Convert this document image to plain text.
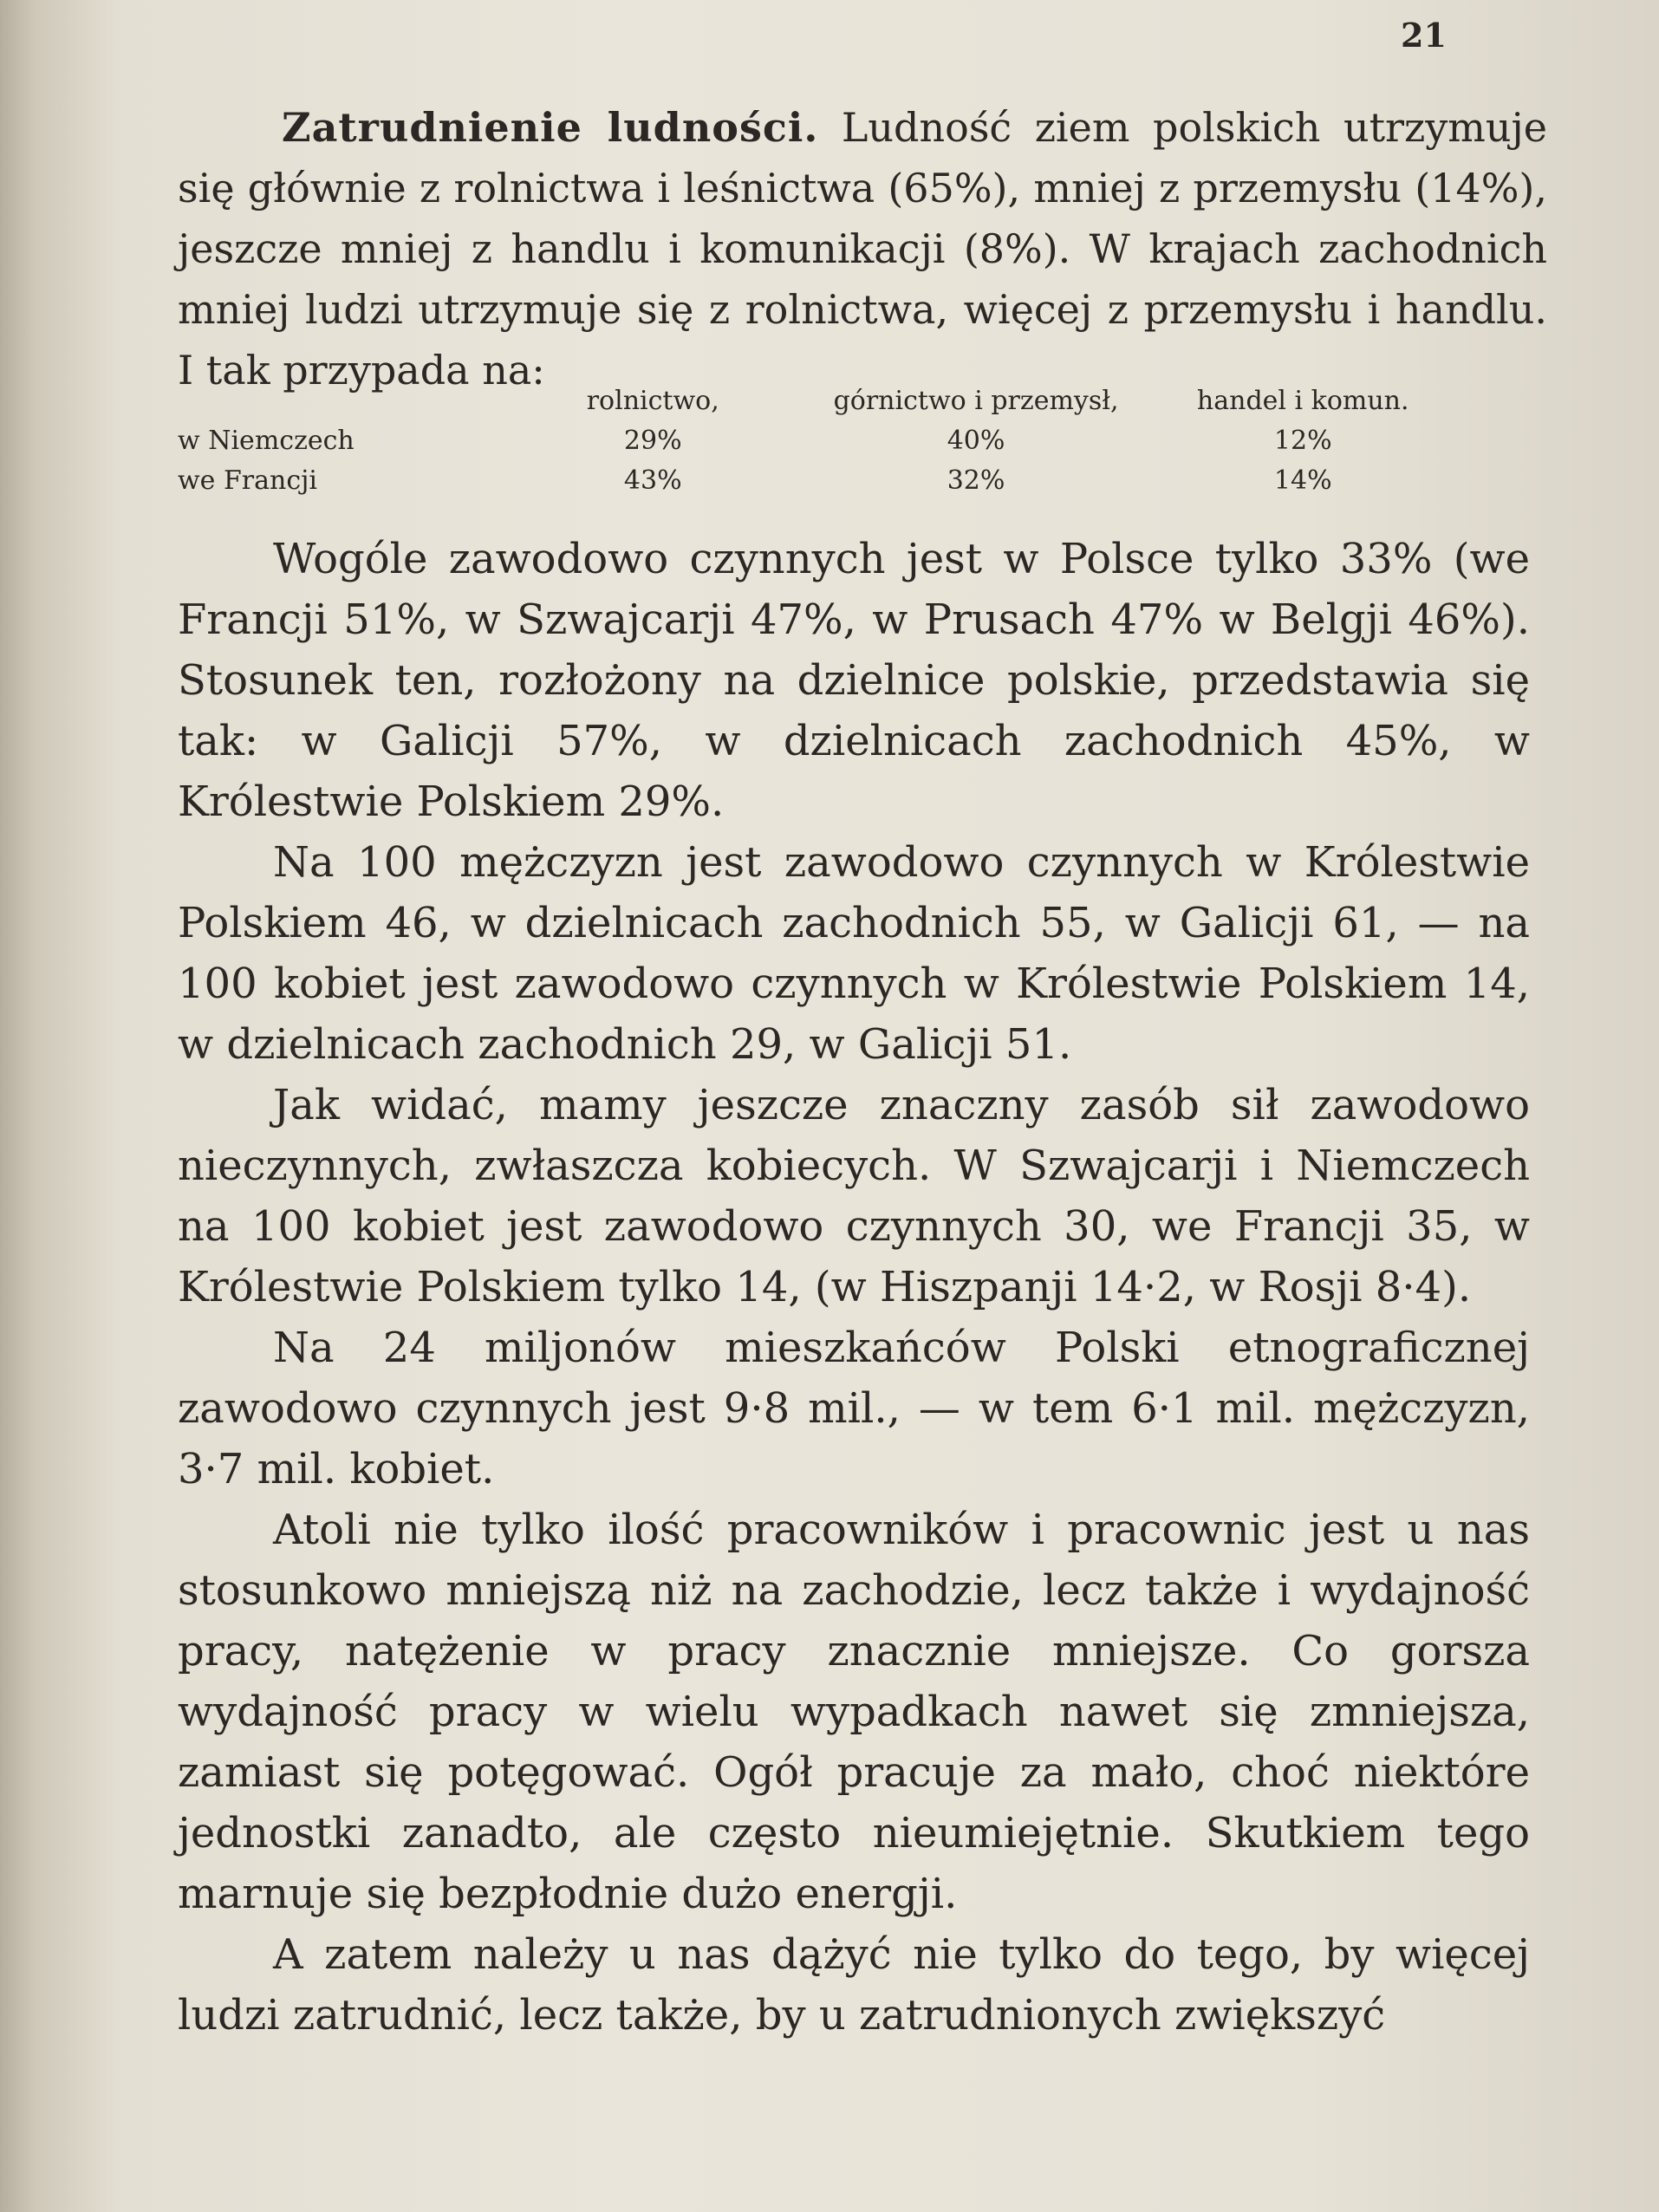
21

Zatrudnienie ludności. Ludność ziem polskich utrzymuje się głównie z rolnictwa i leśnictwa (65%), mniej z przemysłu (14%), jeszcze mniej z handlu i komunikacji (8%). W krajach zachodnich mniej ludzi utrzymuje się z rolnictwa, więcej z przemysłu i handlu. I tak przypada na:

rolnictwo,	górnictwo i przemysł,	handel i komun.
w Niemczech	29%	40%	12%
we Francji	43%	32%	14%

Wogóle zawodowo czynnych jest w Polsce tylko 33% (we Francji 51%, w Szwajcarji 47%, w Prusach 47% w Belgji 46%). Stosunek ten, rozłożony na dzielnice polskie, przedstawia się tak: w Galicji 57%, w dzielnicach zachodnich 45%, w Królestwie Polskiem 29%.

Na 100 mężczyzn jest zawodowo czynnych w Królestwie Polskiem 46, w dzielnicach zachodnich 55, w Galicji 61, — na 100 kobiet jest zawodowo czynnych w Królestwie Polskiem 14, w dzielnicach zachodnich 29, w Galicji 51.

Jak widać, mamy jeszcze znaczny zasób sił zawodowo nieczynnych, zwłaszcza kobiecych. W Szwajcarji i Niemczech na 100 kobiet jest zawodowo czynnych 30, we Francji 35, w Królestwie Polskiem tylko 14, (w Hiszpanji 14·2, w Rosji 8·4).

Na 24 miljonów mieszkańców Polski etnograficznej zawodowo czynnych jest 9·8 mil., — w tem 6·1 mil. mężczyzn, 3·7 mil. kobiet.

Atoli nie tylko ilość pracowników i pracownic jest u nas stosunkowo mniejszą niż na zachodzie, lecz także i wydajność pracy, natężenie w pracy znacznie mniejsze. Co gorsza wydajność pracy w wielu wypadkach nawet się zmniejsza, zamiast się potęgować. Ogół pracuje za mało, choć niektóre jednostki zanadto, ale często nieumiejętnie. Skutkiem tego marnuje się bezpłodnie dużo energji.

A zatem należy u nas dążyć nie tylko do tego, by więcej ludzi zatrudnić, lecz także, by u zatrudnionych zwiększyć
